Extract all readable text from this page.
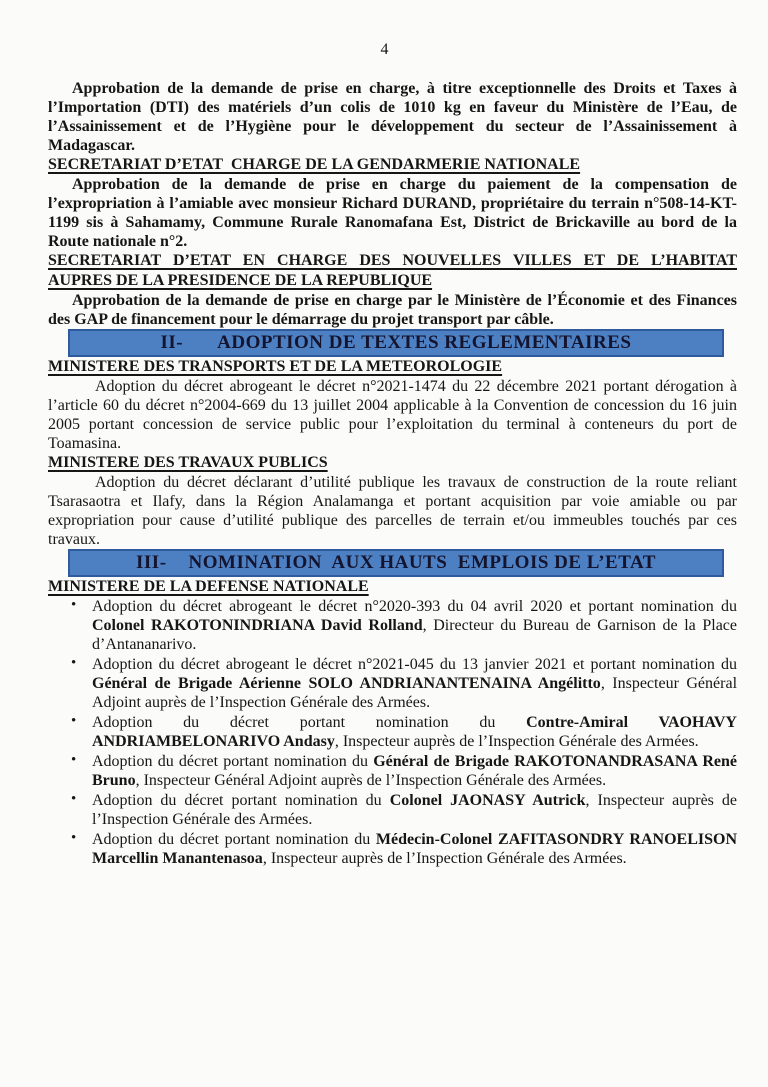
4

Approbation de la demande de prise en charge, à titre exceptionnelle des Droits et Taxes à l’Importation (DTI) des matériels d’un colis de 1010 kg en faveur du Ministère de l’Eau, de l’Assainissement et de l’Hygiène pour le développement du secteur de l’Assainissement à Madagascar.

SECRETARIAT D’ETAT  CHARGE DE LA GENDARMERIE NATIONALE

Approbation de la demande de prise en charge du paiement de la compensation de l’expropriation à l’amiable avec monsieur Richard DURAND, propriétaire du terrain n°508-14-KT-1199 sis à Sahamamy, Commune Rurale Ranomafana Est, District de Brickaville au bord de la Route nationale n°2.

SECRETARIAT D’ETAT EN CHARGE DES NOUVELLES VILLES ET DE L’HABITAT
AUPRES DE LA PRESIDENCE DE LA REPUBLIQUE

Approbation de la demande de prise en charge par le Ministère de l’Économie et des Finances des GAP de financement pour le démarrage du projet transport par câble.

II- ADOPTION DE TEXTES REGLEMENTAIRES
MINISTERE DES TRANSPORTS ET DE LA METEOROLOGIE

Adoption du décret abrogeant le décret n°2021-1474 du 22 décembre 2021 portant dérogation à l’article 60 du décret n°2004-669 du 13 juillet 2004 applicable à la Convention de concession du 16 juin 2005 portant concession de service public pour l’exploitation du terminal à conteneurs du port de Toamasina.

MINISTERE DES TRAVAUX PUBLICS

Adoption du décret déclarant d’utilité publique les travaux de construction de la route reliant Tsarasaotra et Ilafy, dans la Région Analamanga et portant acquisition par voie amiable ou par expropriation pour cause d’utilité publique des parcelles de terrain et/ou immeubles touchés par ces travaux.

III- NOMINATION  AUX HAUTS  EMPLOIS DE L’ETAT
MINISTERE DE LA DEFENSE NATIONALE
• Adoption du décret abrogeant le décret n°2020-393 du 04 avril 2020 et portant nomination du Colonel RAKOTONINDRIANA David Rolland, Directeur du Bureau de Garnison de la Place d’Antananarivo.
• Adoption du décret abrogeant le décret n°2021-045 du 13 janvier 2021 et portant nomination du Général de Brigade Aérienne SOLO ANDRIANANTENAINA Angélitto, Inspecteur Général Adjoint auprès de l’Inspection Générale des Armées.
• Adoption du décret portant nomination du Contre-Amiral VAOHAVY ANDRIAMBELONARIVO Andasy, Inspecteur auprès de l’Inspection Générale des Armées.
• Adoption du décret portant nomination du Général de Brigade RAKOTONANDRASANA René Bruno, Inspecteur Général Adjoint auprès de l’Inspection Générale des Armées.
• Adoption du décret portant nomination du Colonel JAONASY Autrick, Inspecteur auprès de l’Inspection Générale des Armées.
• Adoption du décret portant nomination du Médecin-Colonel ZAFITASONDRY RANOELISON Marcellin Manantenasoa, Inspecteur auprès de l’Inspection Générale des Armées.
